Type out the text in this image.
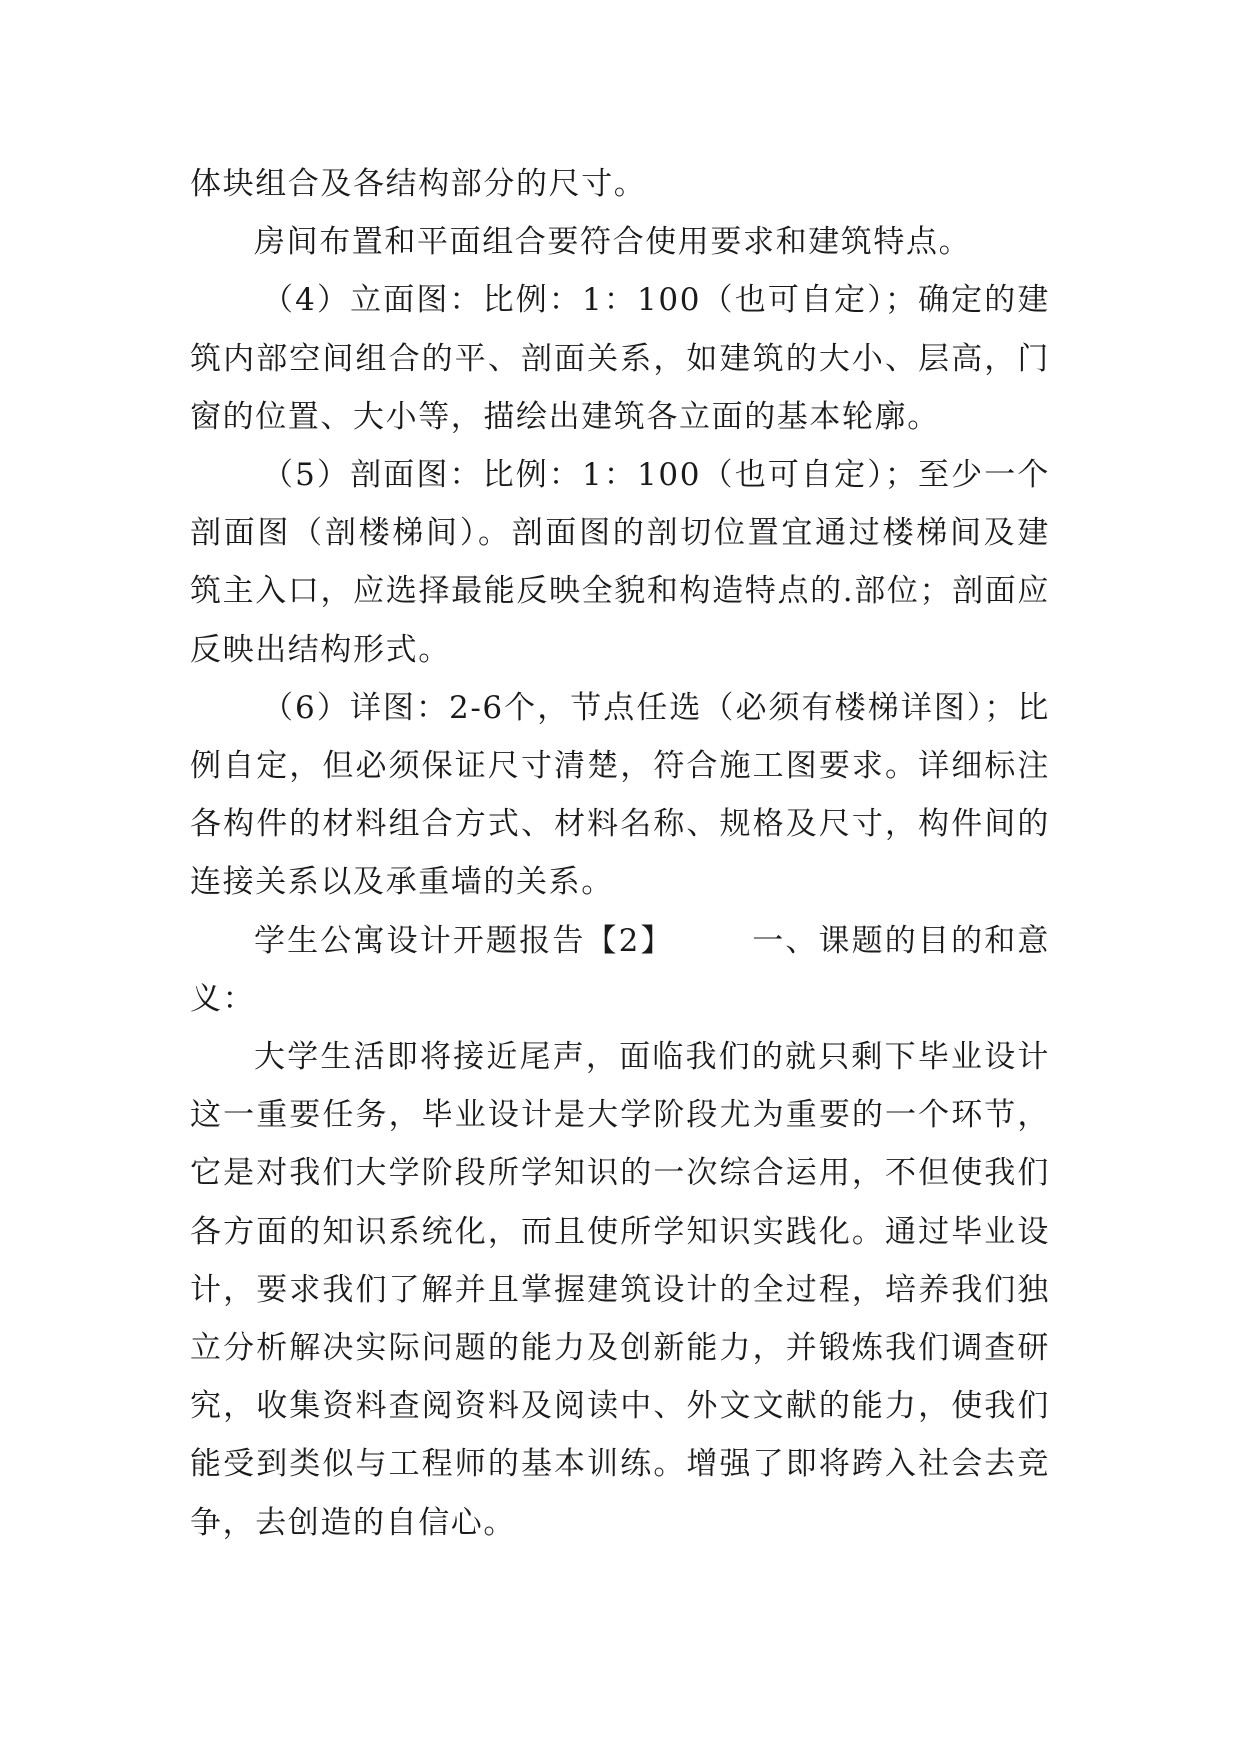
体块组合及各结构部分的尺寸。

房间布置和平面组合要符合使用要求和建筑特点。

（4）立面图：比例：1：100（也可自定）；确定的建筑内部空间组合的平、剖面关系，如建筑的大小、层高，门窗的位置、大小等，描绘出建筑各立面的基本轮廓。

（5）剖面图：比例：1：100（也可自定）；至少一个剖面图（剖楼梯间）。剖面图的剖切位置宜通过楼梯间及建筑主入口，应选择最能反映全貌和构造特点的.部位；剖面应反映出结构形式。

（6）详图：2-6个，节点任选（必须有楼梯详图）；比例自定，但必须保证尺寸清楚，符合施工图要求。详细标注各构件的材料组合方式、材料名称、规格及尺寸，构件间的连接关系以及承重墙的关系。

学生公寓设计开题报告【2】	一、课题的目的和意义：

大学生活即将接近尾声，面临我们的就只剩下毕业设计这一重要任务，毕业设计是大学阶段尤为重要的一个环节，它是对我们大学阶段所学知识的一次综合运用，不但使我们各方面的知识系统化，而且使所学知识实践化。通过毕业设计，要求我们了解并且掌握建筑设计的全过程，培养我们独立分析解决实际问题的能力及创新能力，并锻炼我们调查研究，收集资料查阅资料及阅读中、外文文献的能力，使我们能受到类似与工程师的基本训练。增强了即将跨入社会去竞争，去创造的自信心。
